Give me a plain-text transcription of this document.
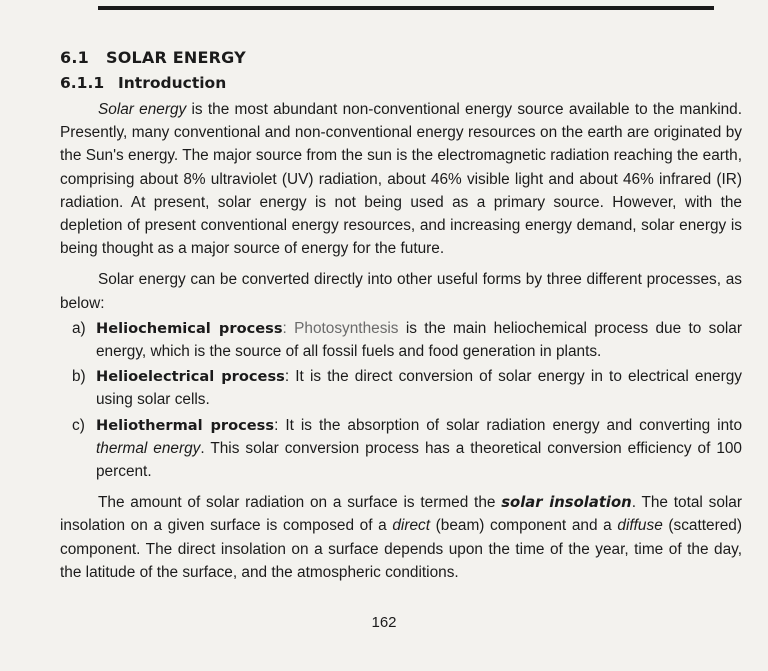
6.1 SOLAR ENERGY
6.1.1 Introduction

Solar energy is the most abundant non-conventional energy source available to the mankind. Presently, many conventional and non-conventional energy resources on the earth are originated by the Sun's energy. The major source from the sun is the electromagnetic radiation reaching the earth, comprising about 8% ultraviolet (UV) radiation, about 46% visible light and about 46% infrared (IR) radiation. At present, solar energy is not being used as a primary source. However, with the depletion of present conventional energy resources, and increasing energy demand, solar energy is being thought as a major source of energy for the future.

Solar energy can be converted directly into other useful forms by three different processes, as below:

a) Heliochemical process: Photosynthesis is the main heliochemical process due to solar energy, which is the source of all fossil fuels and food generation in plants.
b) Helioelectrical process: It is the direct conversion of solar energy in to electrical energy using solar cells.
c) Heliothermal process: It is the absorption of solar radiation energy and converting into thermal energy. This solar conversion process has a theoretical conversion efficiency of 100 percent.

The amount of solar radiation on a surface is termed the solar insolation. The total solar insolation on a given surface is composed of a direct (beam) component and a diffuse (scattered) component. The direct insolation on a surface depends upon the time of the year, time of the day, the latitude of the surface, and the atmospheric conditions.

162
